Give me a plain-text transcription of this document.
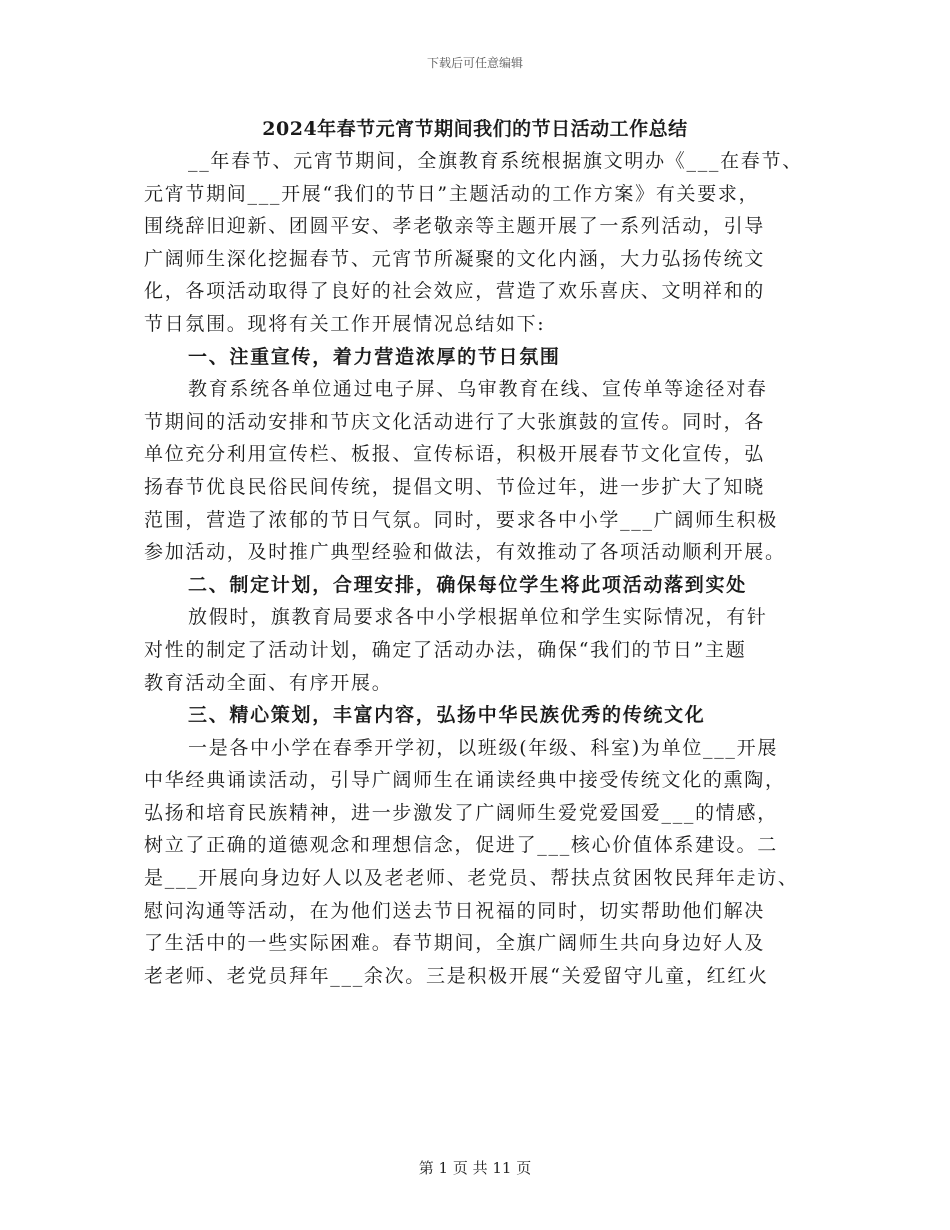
下载后可任意编辑
2024年春节元宵节期间我们的节日活动工作总结
__年春节、元宵节期间，全旗教育系统根据旗文明办《___在春节、
元宵节期间___开展“我们的节日”主题活动的工作方案》有关要求，
围绕辞旧迎新、团圆平安、孝老敬亲等主题开展了一系列活动，引导
广阔师生深化挖掘春节、元宵节所凝聚的文化内涵，大力弘扬传统文
化，各项活动取得了良好的社会效应，营造了欢乐喜庆、文明祥和的
节日氛围。现将有关工作开展情况总结如下:
一、注重宣传，着力营造浓厚的节日氛围
教育系统各单位通过电子屏、乌审教育在线、宣传单等途径对春
节期间的活动安排和节庆文化活动进行了大张旗鼓的宣传。同时，各
单位充分利用宣传栏、板报、宣传标语，积极开展春节文化宣传，弘
扬春节优良民俗民间传统，提倡文明、节俭过年，进一步扩大了知晓
范围，营造了浓郁的节日气氛。同时，要求各中小学___广阔师生积极
参加活动，及时推广典型经验和做法，有效推动了各项活动顺利开展。
二、制定计划，合理安排，确保每位学生将此项活动落到实处
放假时，旗教育局要求各中小学根据单位和学生实际情况，有针
对性的制定了活动计划，确定了活动办法，确保“我们的节日”主题
教育活动全面、有序开展。
三、精心策划，丰富内容，弘扬中华民族优秀的传统文化
一是各中小学在春季开学初，以班级(年级、科室)为单位___开展
中华经典诵读活动，引导广阔师生在诵读经典中接受传统文化的熏陶，
弘扬和培育民族精神，进一步激发了广阔师生爱党爱国爱___的情感，
树立了正确的道德观念和理想信念，促进了___核心价值体系建设。二
是___开展向身边好人以及老老师、老党员、帮扶点贫困牧民拜年走访、
慰问沟通等活动，在为他们送去节日祝福的同时，切实帮助他们解决
了生活中的一些实际困难。春节期间，全旗广阔师生共向身边好人及
老老师、老党员拜年___余次。三是积极开展“关爱留守儿童，红红火
第 1 页 共 11 页
